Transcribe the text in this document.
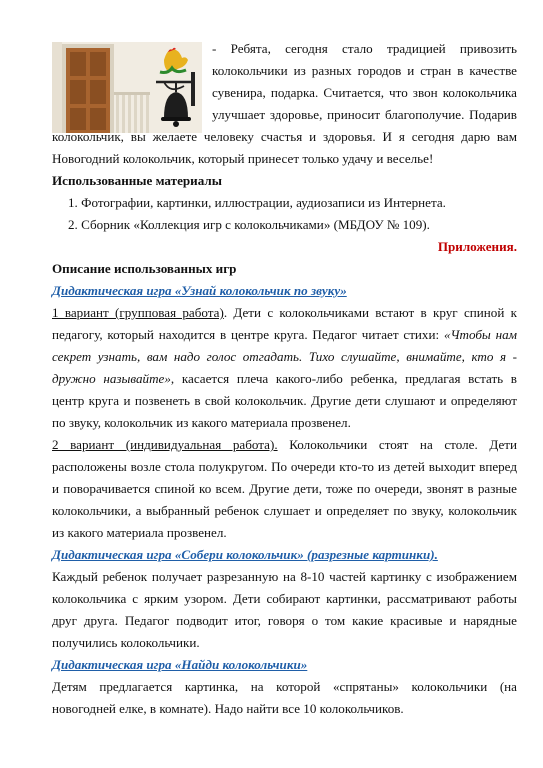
- Ребята, сегодня стало традицией привозить
колокольчики из разных городов и стран в качестве
сувенира, подарка. Считается, что звон колокольчика
улучшает здоровье, приносит благополучие. Подарив

колокольчик, вы желаете человеку счастья и здоровья. И я сегодня дарю вам Новогодний колокольчик, который принесет только удачу и веселье!

Использованные материалы

1. Фотографии, картинки, иллюстрации, аудиозаписи из Интернета.
2. Сборник «Коллекция игр с колокольчиками» (МБДОУ № 109).

Приложения.

Описание использованных игр

Дидактическая игра «Узнай колокольчик по звуку»

1 вариант (групповая работа). Дети с колокольчиками встают в круг спиной к педагогу, который находится в центре круга. Педагог читает стихи: «Чтобы нам секрет узнать, вам надо голос отгадать. Тихо слушайте, внимайте, кто я - дружно называйте», касается плеча какого-либо ребенка, предлагая встать в центр круга и позвенеть в свой колокольчик. Другие дети слушают и определяют по звуку, колокольчик из какого материала прозвенел.

2 вариант (индивидуальная работа). Колокольчики стоят на столе. Дети расположены возле стола полукругом. По очереди кто-то из детей выходит вперед и поворачивается спиной ко всем. Другие дети, тоже по очереди, звонят в разные колокольчики, а выбранный ребенок слушает и определяет по звуку, колокольчик из какого материала прозвенел.

Дидактическая игра «Собери колокольчик» (разрезные картинки).

Каждый ребенок получает разрезанную на 8-10 частей картинку с изображением колокольчика с ярким узором. Дети собирают картинки, рассматривают работы друг друга. Педагог подводит итог, говоря о том какие красивые и нарядные получились колокольчики.

Дидактическая игра «Найди колокольчики»

Детям предлагается картинка, на которой «спрятаны» колокольчики (на новогодней елке, в комнате). Надо найти все 10 колокольчиков.
